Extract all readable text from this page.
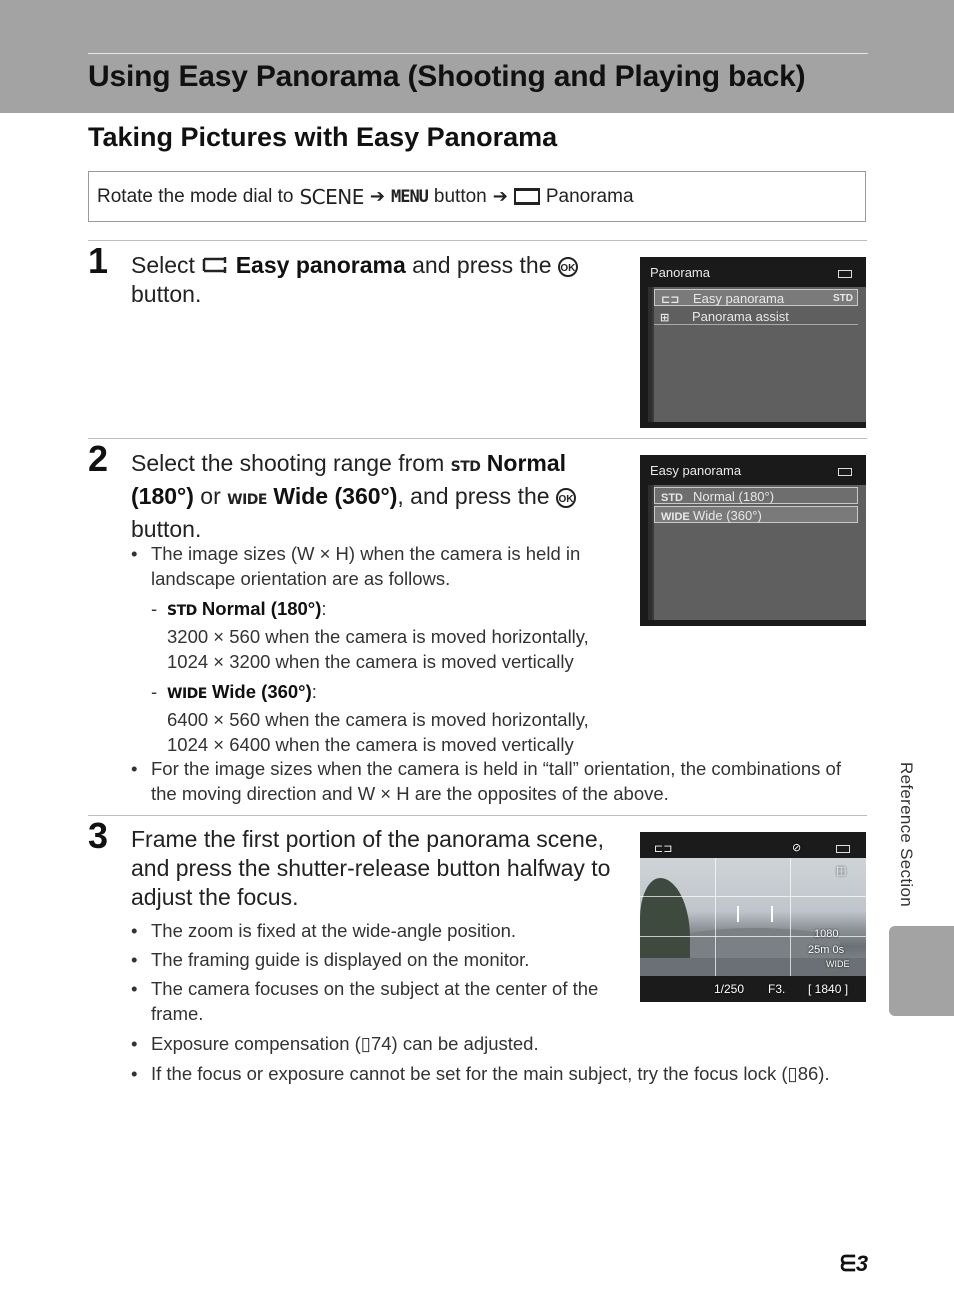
Using Easy Panorama (Shooting and Playing back)
Taking Pictures with Easy Panorama
Rotate the mode dial to SCENE ➔ MENU button ➔ Panorama
1 Select Easy panorama and press the OK
button.
Panorama
⊏⊐ Easy panorama	STD
⊞ Panorama assist
2 Select the shooting range from STD Normal (180°) or WIDE Wide (360°), and press the OK
button.
• The image sizes (W × H) when the camera is held in landscape orientation are as follows.
- STD Normal (180°):
3200 × 560 when the camera is moved horizontally,
1024 × 3200 when the camera is moved vertically
- WIDE Wide (360°):
6400 × 560 when the camera is moved horizontally,
1024 × 6400 when the camera is moved vertically
• For the image sizes when the camera is held in “tall” orientation, the combinations of the moving direction and W × H are the opposites of the above.
Easy panorama
STD Normal (180°)
WIDE Wide (360°)
3 Frame the first portion of the panorama scene, and press the shutter-release button halfway to adjust the focus.
• The zoom is fixed at the wide-angle position.
• The framing guide is displayed on the monitor.
• The camera focuses on the subject at the center of the frame.
• Exposure compensation (▯74) can be adjusted.
• If the focus or exposure cannot be set for the main subject, try the focus lock (▯86).
⊏⊐	⊘
◫
1080
25m 0s
WIDE
1/250 F3. [ 1840 ]
Reference Section
ᗴ3
